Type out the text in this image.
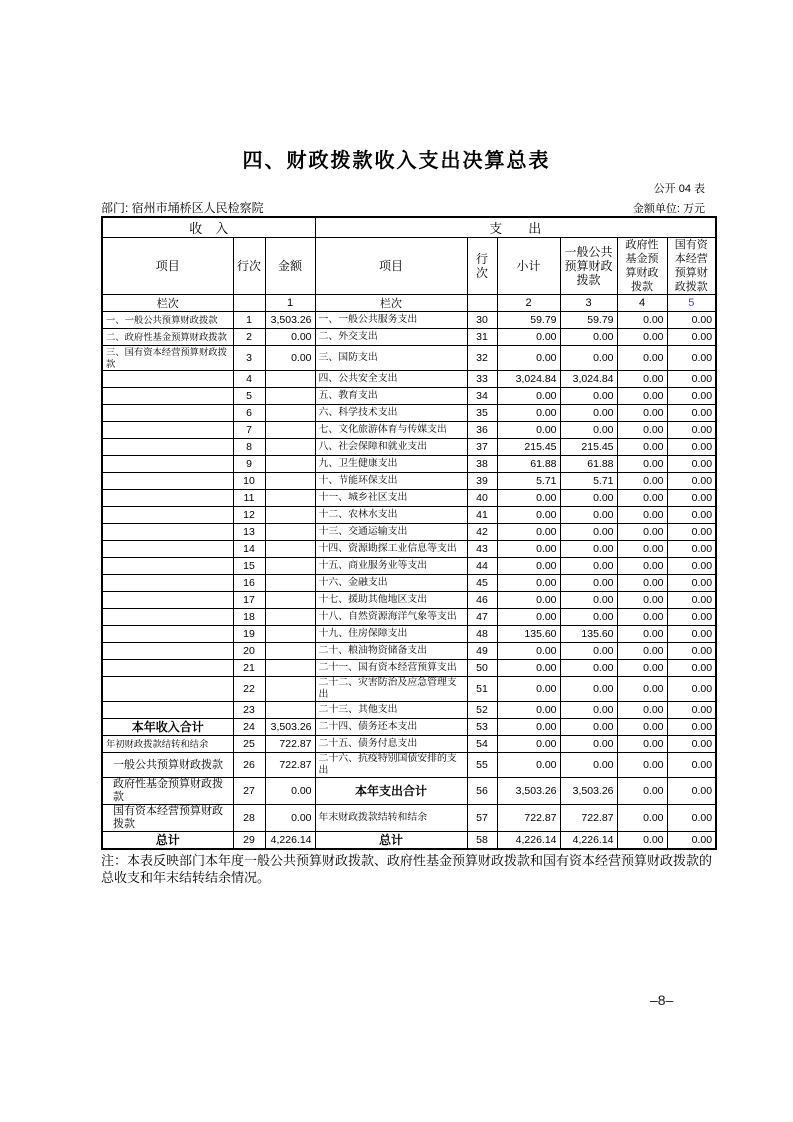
四、财政拨款收入支出决算总表
公开 04 表
部门: 宿州市埇桥区人民检察院	金额单位: 万元
收　入			支　　出					
项目	行次	金额	项目	行次	小计	一般公共预算财政拨款	政府性基金预算财政拨款	国有资本经营预算财政拨款
栏次		1	栏次		2	3	4	5
一、一般公共预算财政拨款	1	3,503.26	一、一般公共服务支出	30	59.79	59.79	0.00	0.00
二、政府性基金预算财政拨款	2	0.00	二、外交支出	31	0.00	0.00	0.00	0.00
三、国有资本经营预算财政拨款	3	0.00	三、国防支出	32	0.00	0.00	0.00	0.00
	4		四、公共安全支出	33	3,024.84	3,024.84	0.00	0.00
	5		五、教育支出	34	0.00	0.00	0.00	0.00
	6		六、科学技术支出	35	0.00	0.00	0.00	0.00
	7		七、文化旅游体育与传媒支出	36	0.00	0.00	0.00	0.00
	8		八、社会保障和就业支出	37	215.45	215.45	0.00	0.00
	9		九、卫生健康支出	38	61.88	61.88	0.00	0.00
	10		十、节能环保支出	39	5.71	5.71	0.00	0.00
	11		十一、城乡社区支出	40	0.00	0.00	0.00	0.00
	12		十二、农林水支出	41	0.00	0.00	0.00	0.00
	13		十三、交通运输支出	42	0.00	0.00	0.00	0.00
	14		十四、资源勘探工业信息等支出	43	0.00	0.00	0.00	0.00
	15		十五、商业服务业等支出	44	0.00	0.00	0.00	0.00
	16		十六、金融支出	45	0.00	0.00	0.00	0.00
	17		十七、援助其他地区支出	46	0.00	0.00	0.00	0.00
	18		十八、自然资源海洋气象等支出	47	0.00	0.00	0.00	0.00
	19		十九、住房保障支出	48	135.60	135.60	0.00	0.00
	20		二十、粮油物资储备支出	49	0.00	0.00	0.00	0.00
	21		二十一、国有资本经营预算支出	50	0.00	0.00	0.00	0.00
	22		二十二、灾害防治及应急管理支出	51	0.00	0.00	0.00	0.00
	23		二十三、其他支出	52	0.00	0.00	0.00	0.00
本年收入合计	24	3,503.26	二十四、债务还本支出	53	0.00	0.00	0.00	0.00
年初财政拨款结转和结余	25	722.87	二十五、债务付息支出	54	0.00	0.00	0.00	0.00
一般公共预算财政拨款	26	722.87	二十六、抗疫特别国债安排的支出	55	0.00	0.00	0.00	0.00
政府性基金预算财政拨款	27	0.00	本年支出合计	56	3,503.26	3,503.26	0.00	0.00
国有资本经营预算财政拨款	28	0.00	年末财政拨款结转和结余	57	722.87	722.87	0.00	0.00
总计	29	4,226.14	总计	58	4,226.14	4,226.14	0.00	0.00
注：本表反映部门本年度一般公共预算财政拨款、政府性基金预算财政拨款和国有资本经营预算财政拨款的
总收支和年末结转结余情况。
–8–
